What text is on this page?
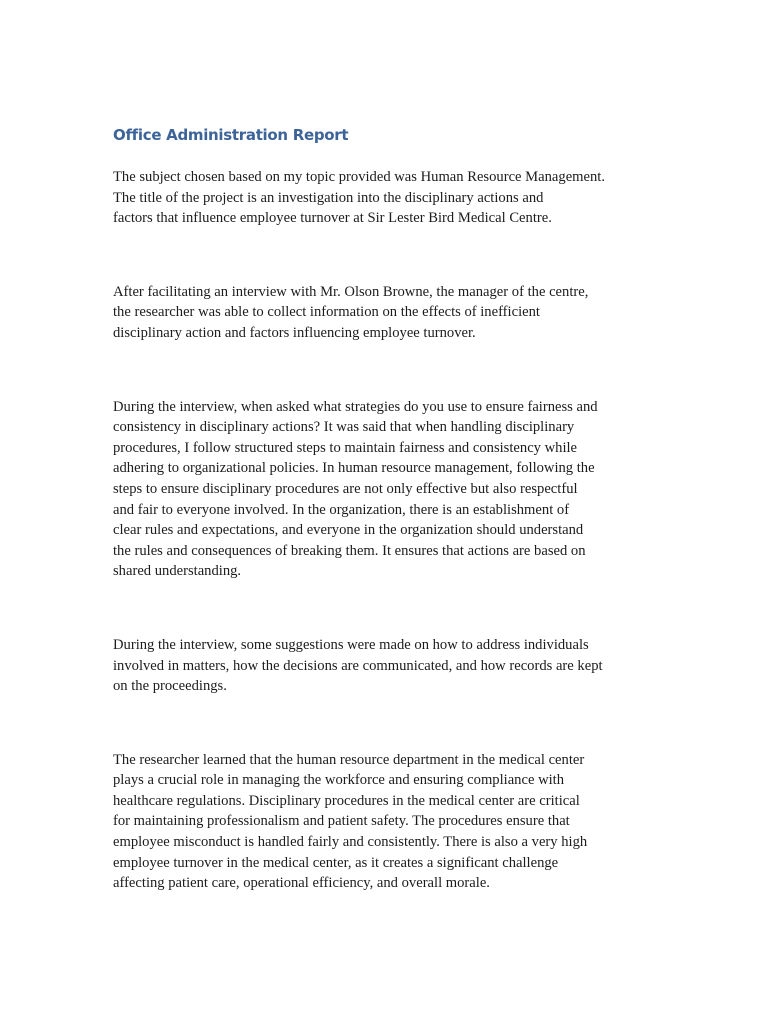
Office Administration Report

The subject chosen based on my topic provided was Human Resource Management.
The title of the project is an investigation into the disciplinary actions and
factors that influence employee turnover at Sir Lester Bird Medical Centre.

After facilitating an interview with Mr. Olson Browne, the manager of the centre,
the researcher was able to collect information on the effects of inefficient
disciplinary action and factors influencing employee turnover.

During the interview, when asked what strategies do you use to ensure fairness and
consistency in disciplinary actions? It was said that when handling disciplinary
procedures, I follow structured steps to maintain fairness and consistency while
adhering to organizational policies. In human resource management, following the
steps to ensure disciplinary procedures are not only effective but also respectful
and fair to everyone involved. In the organization, there is an establishment of
clear rules and expectations, and everyone in the organization should understand
the rules and consequences of breaking them. It ensures that actions are based on
shared understanding.

During the interview, some suggestions were made on how to address individuals
involved in matters, how the decisions are communicated, and how records are kept
on the proceedings.

The researcher learned that the human resource department in the medical center
plays a crucial role in managing the workforce and ensuring compliance with
healthcare regulations. Disciplinary procedures in the medical center are critical
for maintaining professionalism and patient safety. The procedures ensure that
employee misconduct is handled fairly and consistently. There is also a very high
employee turnover in the medical center, as it creates a significant challenge
affecting patient care, operational efficiency, and overall morale.
